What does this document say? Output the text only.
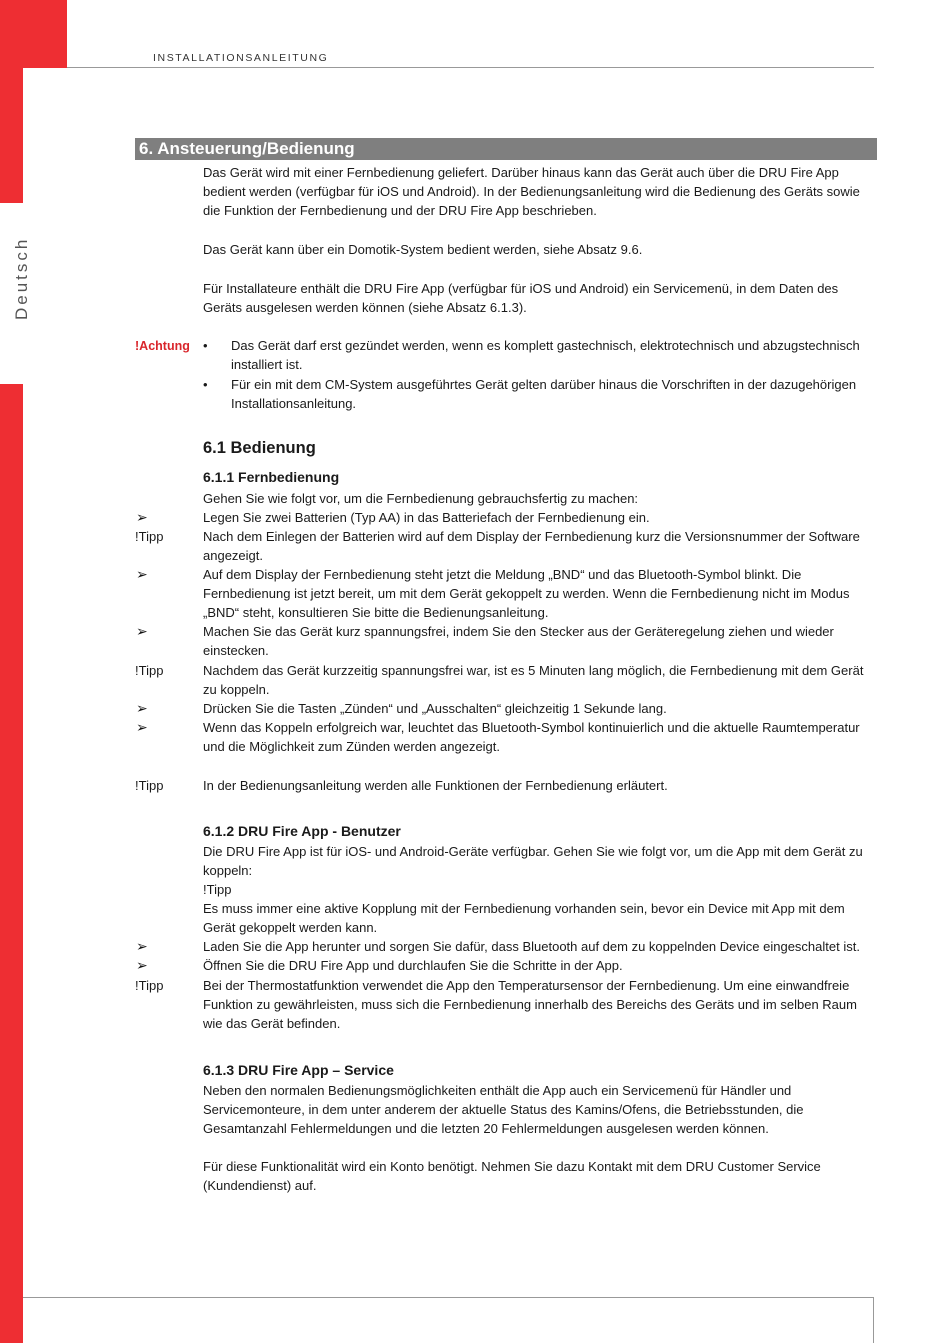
Deutsch
INSTALLATIONSANLEITUNG
6. Ansteuerung/Bedienung
Das Gerät wird mit einer Fernbedienung geliefert. Darüber hinaus kann das Gerät auch über die DRU Fire App bedient werden (verfügbar für iOS und Android). In der Bedienungsanleitung wird die Bedienung des Geräts sowie die Funktion der Fernbedienung und der DRU Fire App beschrieben.
Das Gerät kann über ein Domotik-System bedient werden, siehe Absatz 9.6.
Für Installateure enthält die DRU Fire App (verfügbar für iOS und Android) ein Servicemenü, in dem Daten des Geräts ausgelesen werden können (siehe Absatz 6.1.3).
!Achtung • Das Gerät darf erst gezündet werden, wenn es komplett gastechnisch, elektrotechnisch und abzugstechnisch installiert ist.
• Für ein mit dem CM-System ausgeführtes Gerät gelten darüber hinaus die Vorschriften in der dazugehörigen Installationsanleitung.
6.1 Bedienung
6.1.1 Fernbedienung
Gehen Sie wie folgt vor, um die Fernbedienung gebrauchsfertig zu machen:
➢	Legen Sie zwei Batterien (Typ AA) in das Batteriefach der Fernbedienung ein.
!Tipp	Nach dem Einlegen der Batterien wird auf dem Display der Fernbedienung kurz die Versionsnummer der Software angezeigt.
➢	Auf dem Display der Fernbedienung steht jetzt die Meldung „BND“ und das Bluetooth-Symbol blinkt. Die Fernbedienung ist jetzt bereit, um mit dem Gerät gekoppelt zu werden. Wenn die Fernbedienung nicht im Modus „BND“ steht, konsultieren Sie bitte die Bedienungsanleitung.
➢	Machen Sie das Gerät kurz spannungsfrei, indem Sie den Stecker aus der Geräteregelung ziehen und wieder einstecken.
!Tipp	Nachdem das Gerät kurzzeitig spannungsfrei war, ist es 5 Minuten lang möglich, die Fernbedienung mit dem Gerät zu koppeln.
➢	Drücken Sie die Tasten „Zünden“ und „Ausschalten“ gleichzeitig 1 Sekunde lang.
➢	Wenn das Koppeln erfolgreich war, leuchtet das Bluetooth-Symbol kontinuierlich und die aktuelle Raumtemperatur und die Möglichkeit zum Zünden werden angezeigt.
!Tipp	In der Bedienungsanleitung werden alle Funktionen der Fernbedienung erläutert.
6.1.2 DRU Fire App - Benutzer
Die DRU Fire App ist für iOS- und Android-Geräte verfügbar. Gehen Sie wie folgt vor, um die App mit dem Gerät zu koppeln:
!Tipp
Es muss immer eine aktive Kopplung mit der Fernbedienung vorhanden sein, bevor ein Device mit App mit dem Gerät gekoppelt werden kann.
➢	Laden Sie die App herunter und sorgen Sie dafür, dass Bluetooth auf dem zu koppelnden Device eingeschaltet ist.
➢	Öffnen Sie die DRU Fire App und durchlaufen Sie die Schritte in der App.
!Tipp	Bei der Thermostatfunktion verwendet die App den Temperatursensor der Fernbedienung. Um eine einwandfreie Funktion zu gewährleisten, muss sich die Fernbedienung innerhalb des Bereichs des Geräts und im selben Raum wie das Gerät befinden.
6.1.3 DRU Fire App – Service
Neben den normalen Bedienungsmöglichkeiten enthält die App auch ein Servicemenü für Händler und Servicemonteure, in dem unter anderem der aktuelle Status des Kamins/Ofens, die Betriebsstunden, die Gesamtanzahl Fehlermeldungen und die letzten 20 Fehlermeldungen ausgelesen werden können.
Für diese Funktionalität wird ein Konto benötigt. Nehmen Sie dazu Kontakt mit dem DRU Customer Service (Kundendienst) auf.
16
